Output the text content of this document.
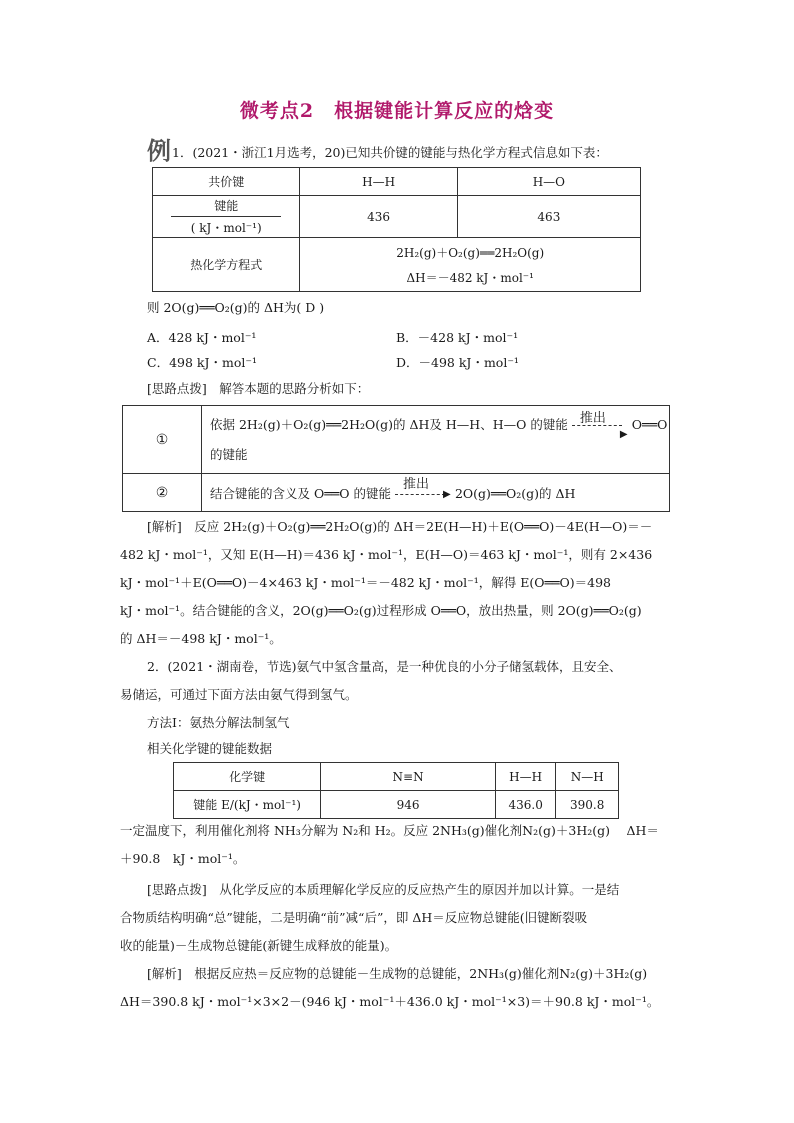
微考点2　根据键能计算反应的焓变
例 1．(2021・浙江1月选考，20)已知共价键的键能与热化学方程式信息如下表：
共价键	H—H	H—O

键能
( kJ・mol⁻¹)	436	463
热化学方程式	2H₂(g)＋O₂(g)══2H₂O(g)
ΔH＝－482 kJ・mol⁻¹	
则 2O(g)══O₂(g)的 ΔH为( D )
A．428 kJ・mol⁻¹	B．－428 kJ・mol⁻¹
C．498 kJ・mol⁻¹	D．－498 kJ・mol⁻¹
[思路点拨]　解答本题的思路分析如下：
①	依据 2H₂(g)＋O₂(g)══2H₂O(g)的 ΔH及 H—H、H—O 的键能 推出
▶
O══O
的键能
②	结合键能的含义及 O══O 的键能
推出
▶ 2O(g)══O₂(g)的 ΔH
[解析]　反应 2H₂(g)＋O₂(g)══2H₂O(g)的 ΔH＝2E(H—H)＋E(O══O)－4E(H—O)＝－
482 kJ・mol⁻¹，又知 E(H—H)＝436 kJ・mol⁻¹，E(H—O)＝463 kJ・mol⁻¹，则有 2×436
kJ・mol⁻¹＋E(O══O)－4×463 kJ・mol⁻¹＝－482 kJ・mol⁻¹，解得 E(O══O)＝498
kJ・mol⁻¹。结合键能的含义，2O(g)══O₂(g)过程形成 O══O，放出热量，则 2O(g)══O₂(g)
的 ΔH＝－498 kJ・mol⁻¹。
2．(2021・湖南卷，节选)氨气中氢含量高，是一种优良的小分子储氢载体，且安全、
易储运，可通过下面方法由氨气得到氢气。
方法Ⅰ：氨热分解法制氢气
相关化学键的键能数据
化学键	N≡N	H—H	N—H
键能 E/(kJ・mol⁻¹)	946	436.0	390.8
一定温度下，利用催化剂将 NH₃分解为 N₂和 H₂。反应 2NH₃(g)催化剂N₂(g)＋3H₂(g)　 ΔH＝
＋90.8　kJ・mol⁻¹。
[思路点拨]　从化学反应的本质理解化学反应的反应热产生的原因并加以计算。一是结
合物质结构明确“总”键能，二是明确“前”减“后”，即 ΔH＝反应物总键能(旧键断裂吸
收的能量)－生成物总键能(新键生成释放的能量)。
[解析]　根据反应热＝反应物的总键能－生成物的总键能，2NH₃(g)催化剂N₂(g)＋3H₂(g)
ΔH＝390.8 kJ・mol⁻¹×3×2－(946 kJ・mol⁻¹＋436.0 kJ・mol⁻¹×3)＝＋90.8 kJ・mol⁻¹。
